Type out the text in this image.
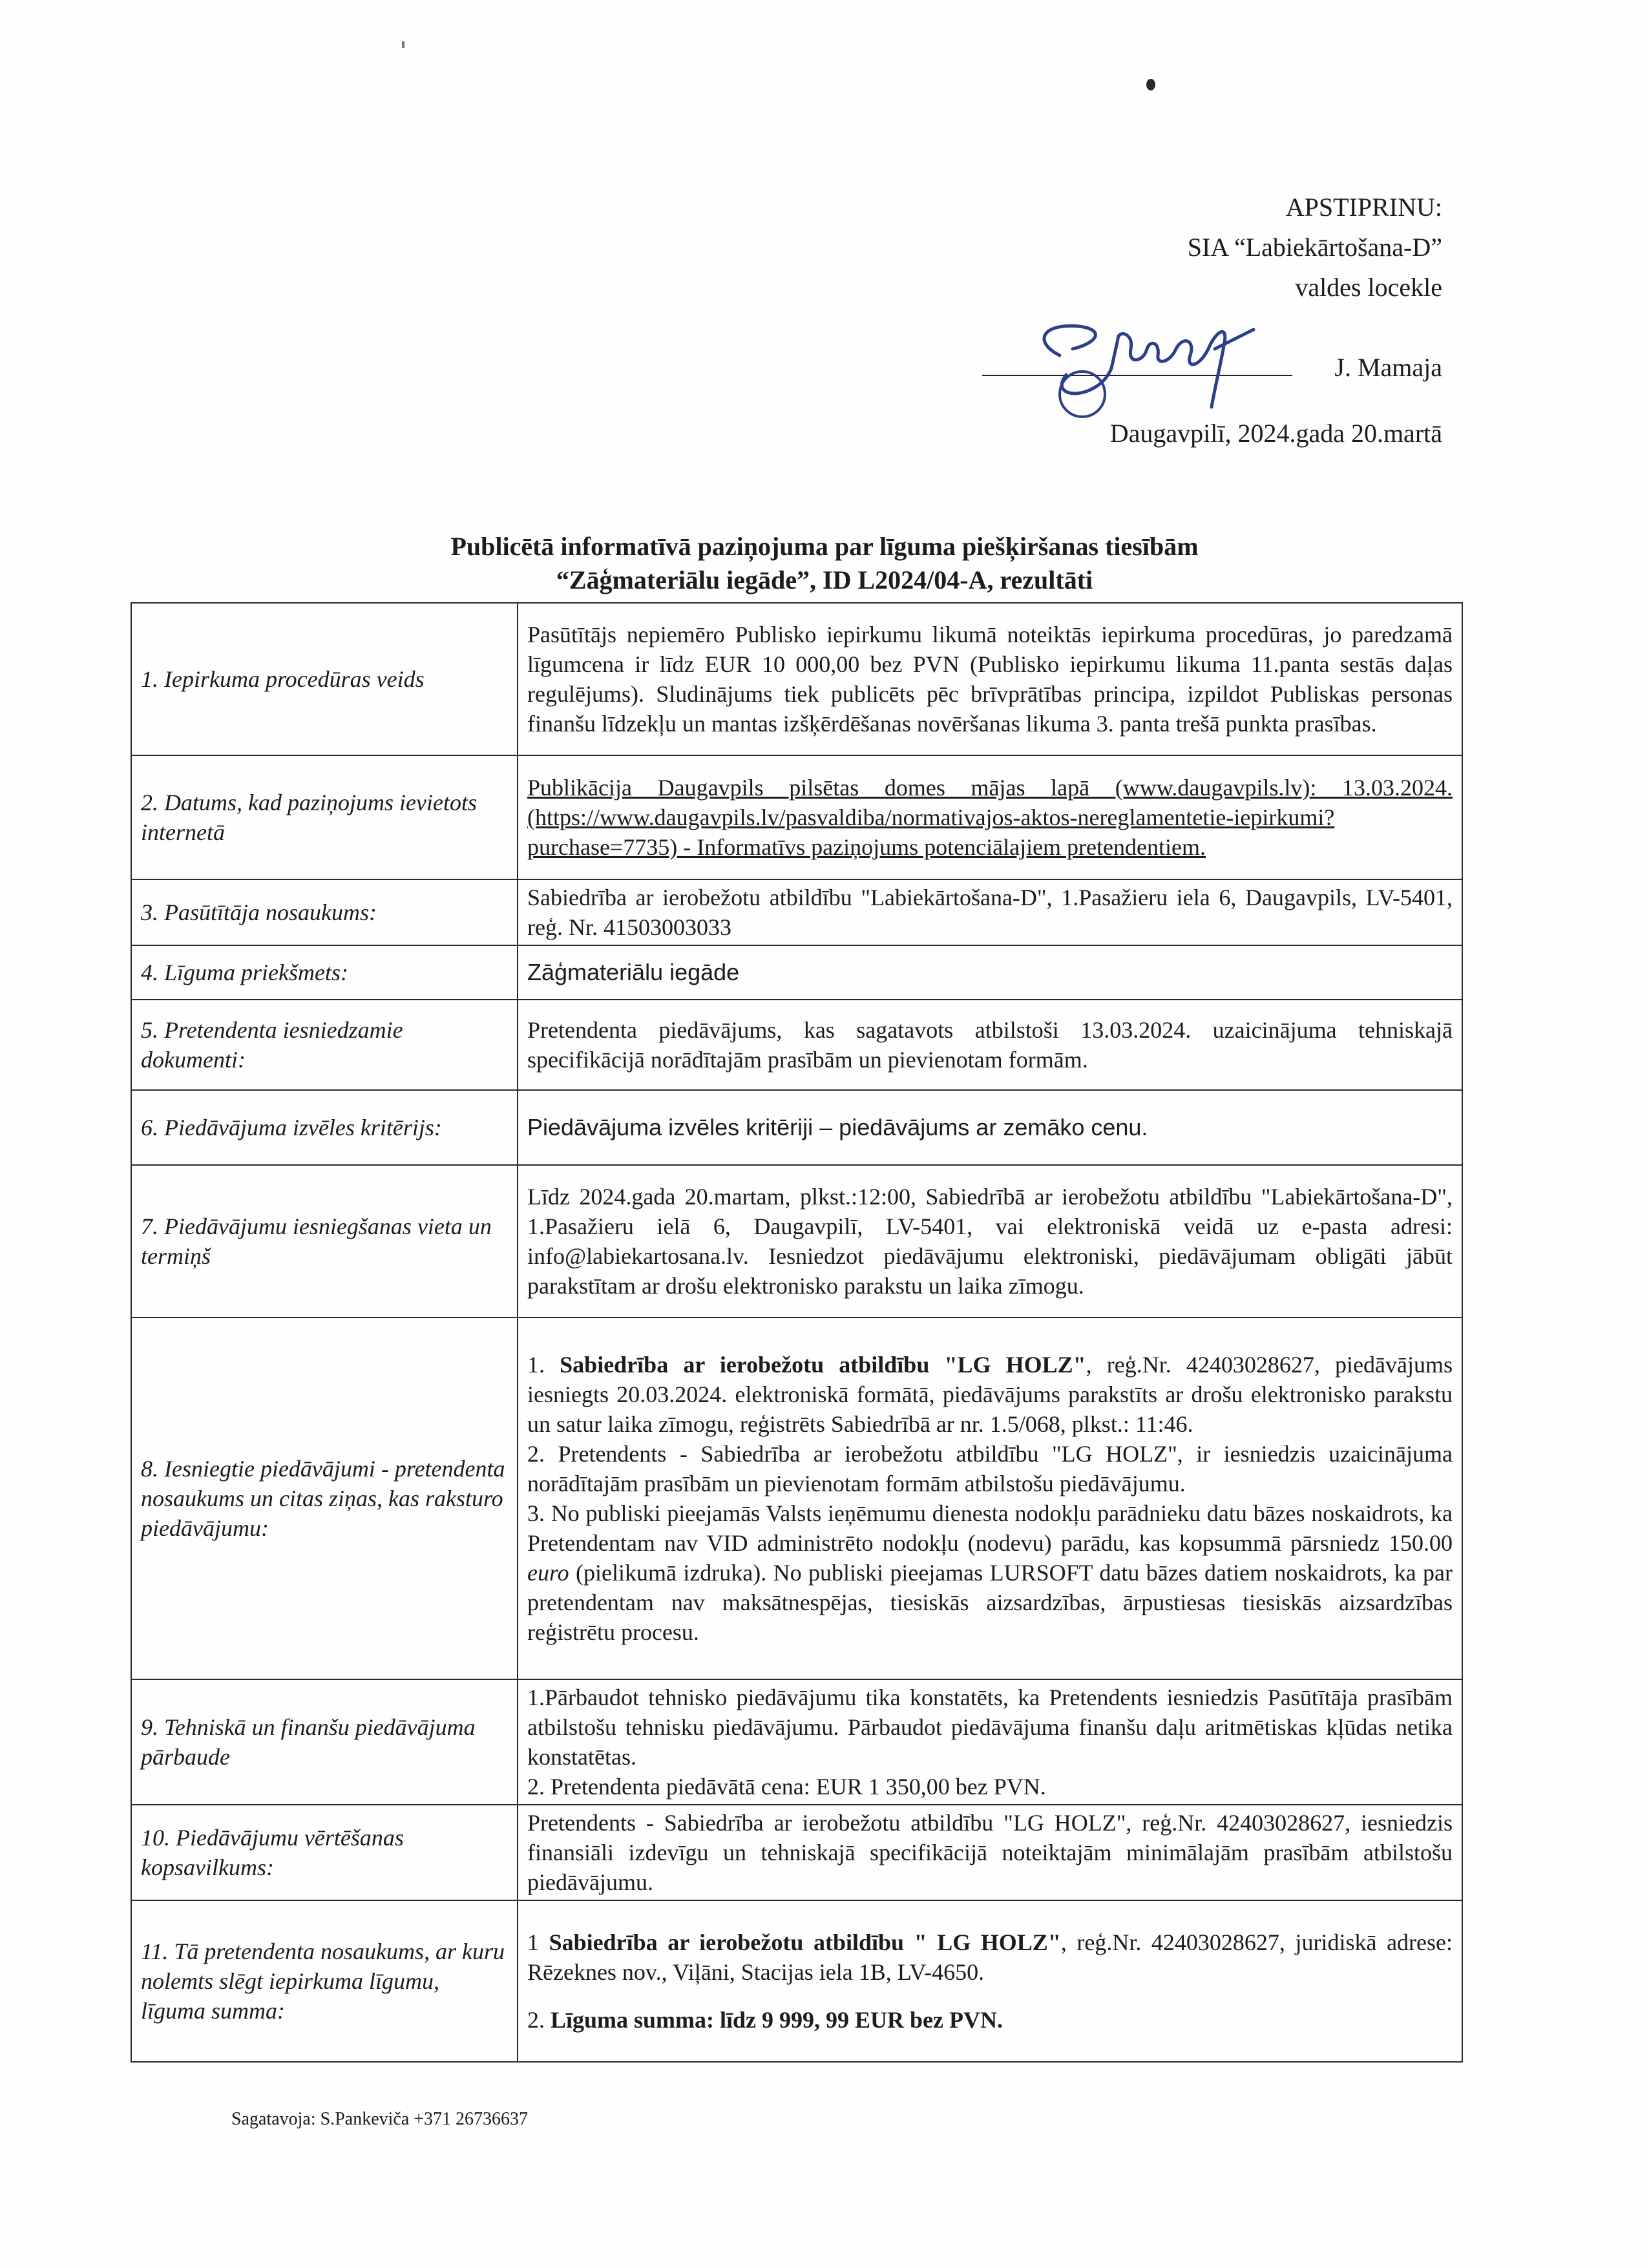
APSTIPRINU:
SIA “Labiekārtošana-D”
valdes locekle
J. Mamaja
Daugavpilī, 2024.gada 20.martā
Publicētā informatīvā paziņojuma par līguma piešķiršanas tiesībām
“Zāģmateriālu iegāde”, ID L2024/04-A, rezultāti
1. Iepirkuma procedūras veids	Pasūtītājs nepiemēro Publisko iepirkumu likumā noteiktās iepirkuma procedūras, jo paredzamā līgumcena ir līdz EUR 10 000,00 bez PVN (Publisko iepirkumu likuma 11.panta sestās daļas regulējums). Sludinājums tiek publicēts pēc brīvprātības principa, izpildot Publiskas personas finanšu līdzekļu un mantas izšķērdēšanas novēršanas likuma 3. panta trešā punkta prasības.
2. Datums, kad paziņojums ievietots internetā	Publikācija Daugavpils pilsētas domes mājas lapā (www.daugavpils.lv): 13.03.2024. (https://www.daugavpils.lv/pasvaldiba/normativajos-aktos-nereglamentetie-iepirkumi?purchase=7735) - Informatīvs paziņojums potenciālajiem pretendentiem.
3. Pasūtītāja nosaukums:	Sabiedrība ar ierobežotu atbildību "Labiekārtošana-D", 1.Pasažieru iela 6, Daugavpils, LV-5401, reģ. Nr. 41503003033
4. Līguma priekšmets:	Zāģmateriālu iegāde
5. Pretendenta iesniedzamie dokumenti:	Pretendenta piedāvājums, kas sagatavots atbilstoši 13.03.2024. uzaicinājuma tehniskajā specifikācijā norādītajām prasībām un pievienotam formām.
6. Piedāvājuma izvēles kritērijs:	Piedāvājuma izvēles kritēriji – piedāvājums ar zemāko cenu.
7. Piedāvājumu iesniegšanas vieta un termiņš	Līdz 2024.gada 20.martam, plkst.:12:00, Sabiedrībā ar ierobežotu atbildību "Labiekārtošana-D", 1.Pasažieru ielā 6, Daugavpilī, LV-5401, vai elektroniskā veidā uz e-pasta adresi: info@labiekartosana.lv. Iesniedzot piedāvājumu elektroniski, piedāvājumam obligāti jābūt parakstītam ar drošu elektronisko parakstu un laika zīmogu.
8. Iesniegtie piedāvājumi - pretendenta nosaukums un citas ziņas, kas raksturo piedāvājumu:	1. Sabiedrība ar ierobežotu atbildību "LG HOLZ", reģ.Nr. 42403028627, piedāvājums iesniegts 20.03.2024. elektroniskā formātā, piedāvājums parakstīts ar drošu elektronisko parakstu un satur laika zīmogu, reģistrēts Sabiedrībā ar nr. 1.5/068, plkst.: 11:46.

2. Pretendents - Sabiedrība ar ierobežotu atbildību "LG HOLZ", ir iesniedzis uzaicinājuma norādītajām prasībām un pievienotam formām atbilstošu piedāvājumu.

3. No publiski pieejamās Valsts ieņēmumu dienesta nodokļu parādnieku datu bāzes noskaidrots, ka Pretendentam nav VID administrēto nodokļu (nodevu) parādu, kas kopsummā pārsniedz 150.00 euro (pielikumā izdruka). No publiski pieejamas LURSOFT datu bāzes datiem noskaidrots, ka par pretendentam nav maksātnespējas, tiesiskās aizsardzības, ārpustiesas tiesiskās aizsardzības reģistrētu procesu.

9. Tehniskā un finanšu piedāvājuma pārbaude	1.Pārbaudot tehnisko piedāvājumu tika konstatēts, ka Pretendents iesniedzis Pasūtītāja prasībām atbilstošu tehnisku piedāvājumu. Pārbaudot piedāvājuma finanšu daļu aritmētiskas kļūdas netika konstatētas.

2. Pretendenta piedāvātā cena: EUR 1 350,00 bez PVN.

10. Piedāvājumu vērtēšanas kopsavilkums:	Pretendents - Sabiedrība ar ierobežotu atbildību "LG HOLZ", reģ.Nr. 42403028627, iesniedzis finansiāli izdevīgu un tehniskajā specifikācijā noteiktajām minimālajām prasībām atbilstošu piedāvājumu.
11. Tā pretendenta nosaukums, ar kuru nolemts slēgt iepirkuma līgumu, līguma summa:	1 Sabiedrība ar ierobežotu atbildību " LG HOLZ", reģ.Nr. 42403028627, juridiskā adrese: Rēzeknes nov., Viļāni, Stacijas iela 1B, LV-4650.

2. Līguma summa: līdz 9 999, 99 EUR bez PVN.

Sagatavoja: S.Pankeviča +371 26736637
